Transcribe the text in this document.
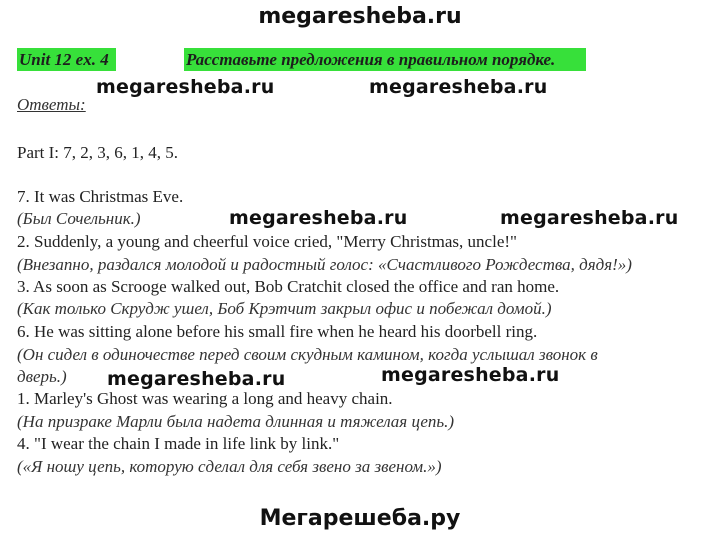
megaresheba.ru
Unit 12 ex. 4	Расставьте предложения в правильном порядке.
Ответы:
Part I: 7, 2, 3, 6, 1, 4, 5.
7. It was Christmas Eve.
(Был Сочельник.)
2. Suddenly, a young and cheerful voice cried, "Merry Christmas, uncle!"
(Внезапно, раздался молодой и радостный голос: «Счастливого Рождества, дядя!»)
3. As soon as Scrooge walked out, Bob Cratchit closed the office and ran home.
(Как только Скрудж ушел, Боб Крэтчит закрыл офис и побежал домой.)
6. He was sitting alone before his small fire when he heard his doorbell ring.
(Он сидел в одиночестве перед своим скудным камином, когда услышал звонок в
дверь.)
1. Marley's Ghost was wearing a long and heavy chain.
(На призраке Марли была надета длинная и тяжелая цепь.)
4. "I wear the chain I made in life link by link."
(«Я ношу цепь, которую сделал для себя звено за звеном.»)
megaresheba.ru	megaresheba.ru
megaresheba.ru	megaresheba.ru
megaresheba.ru	megaresheba.ru
Мегарешеба.ру
